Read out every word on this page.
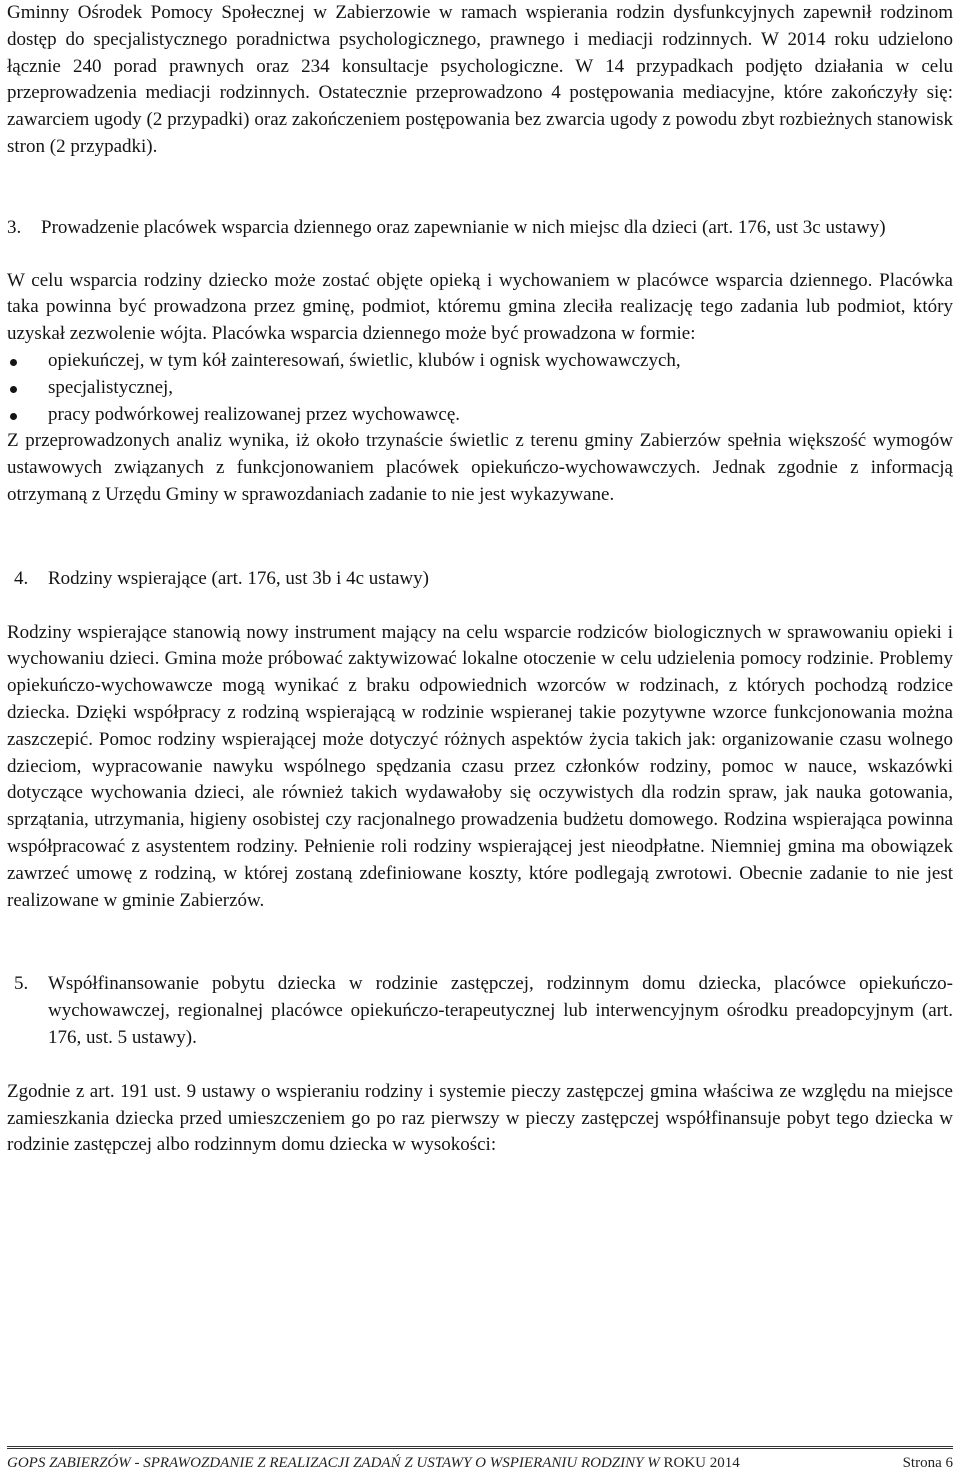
Gminny Ośrodek Pomocy Społecznej w Zabierzowie w ramach wspierania rodzin dysfunkcyjnych zapewnił rodzinom dostęp do specjalistycznego poradnictwa psychologicznego, prawnego i mediacji rodzinnych. W 2014 roku udzielono łącznie 240 porad prawnych oraz 234 konsultacje psychologiczne. W 14 przypadkach podjęto działania w celu przeprowadzenia mediacji rodzinnych. Ostatecznie przeprowadzono 4 postępowania mediacyjne, które zakończyły się: zawarciem ugody (2 przypadki) oraz zakończeniem postępowania bez zwarcia ugody z powodu zbyt rozbieżnych stanowisk stron (2 przypadki).

3.	Prowadzenie placówek wsparcia dziennego oraz zapewnianie w nich miejsc dla dzieci (art. 176, ust 3c ustawy)

W celu wsparcia rodziny dziecko może zostać objęte opieką i wychowaniem w placówce wsparcia dziennego. Placówka taka powinna być prowadzona przez gminę, podmiot, któremu gmina zleciła realizację tego zadania lub podmiot, który uzyskał zezwolenie wójta. Placówka wsparcia dziennego może być prowadzona w formie:

opiekuńczej, w tym kół zainteresowań, świetlic, klubów i ognisk wychowawczych,
specjalistycznej,
pracy podwórkowej realizowanej przez wychowawcę.

Z przeprowadzonych analiz wynika, iż około trzynaście świetlic z terenu gminy Zabierzów spełnia większość wymogów ustawowych związanych z funkcjonowaniem placówek opiekuńczo-wychowawczych. Jednak zgodnie z informacją otrzymaną z Urzędu Gminy w sprawozdaniach zadanie to nie jest wykazywane.

4.	Rodziny wspierające (art. 176, ust 3b i 4c ustawy)

Rodziny wspierające stanowią nowy instrument mający na celu wsparcie rodziców biologicznych w sprawowaniu opieki i wychowaniu dzieci. Gmina może próbować zaktywizować lokalne otoczenie w celu udzielenia pomocy rodzinie. Problemy opiekuńczo-wychowawcze mogą wynikać z braku odpowiednich wzorców w rodzinach, z których pochodzą rodzice dziecka. Dzięki współpracy z rodziną wspierającą w rodzinie wspieranej takie pozytywne wzorce funkcjonowania można zaszczepić. Pomoc rodziny wspierającej może dotyczyć różnych aspektów życia takich jak: organizowanie czasu wolnego dzieciom, wypracowanie nawyku wspólnego spędzania czasu przez członków rodziny, pomoc w nauce, wskazówki dotyczące wychowania dzieci, ale również takich wydawałoby się oczywistych dla rodzin spraw, jak nauka gotowania, sprzątania, utrzymania, higieny osobistej czy racjonalnego prowadzenia budżetu domowego. Rodzina wspierająca powinna współpracować z asystentem rodziny. Pełnienie roli rodziny wspierającej jest nieodpłatne. Niemniej gmina ma obowiązek zawrzeć umowę z rodziną, w której zostaną zdefiniowane koszty, które podlegają zwrotowi. Obecnie zadanie to nie jest realizowane w gminie Zabierzów.

5.	Współfinansowanie pobytu dziecka w rodzinie zastępczej, rodzinnym domu dziecka, placówce opiekuńczo-wychowawczej, regionalnej placówce opiekuńczo-terapeutycznej lub interwencyjnym ośrodku preadopcyjnym (art. 176, ust. 5 ustawy).

Zgodnie z art. 191 ust. 9 ustawy o wspieraniu rodziny i systemie pieczy zastępczej gmina właściwa ze względu na miejsce zamieszkania dziecka przed umieszczeniem go po raz pierwszy w pieczy zastępczej współfinansuje pobyt tego dziecka w rodzinie zastępczej albo rodzinnym domu dziecka w wysokości:

GOPS ZABIERZÓW - SPRAWOZDANIE Z REALIZACJI ZADAŃ Z USTAWY O WSPIERANIU RODZINY W ROKU 2014	Strona 6
